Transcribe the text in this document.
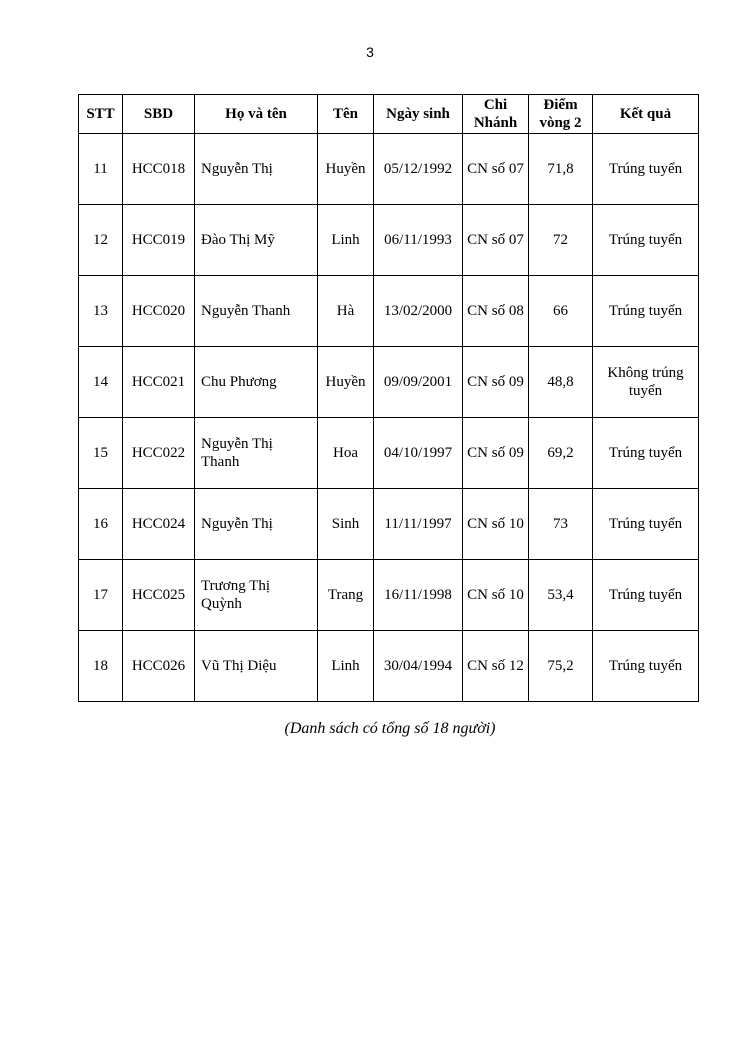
3
STT	SBD	Họ và tên	Tên	Ngày sinh	Chi Nhánh	Điểm vòng 2	Kết quả
11	HCC018	Nguyễn Thị	Huyền	05/12/1992	CN số 07	71,8	Trúng tuyển
12	HCC019	Đào Thị Mỹ	Linh	06/11/1993	CN số 07	72	Trúng tuyển
13	HCC020	Nguyễn Thanh	Hà	13/02/2000	CN số 08	66	Trúng tuyển
14	HCC021	Chu Phương	Huyền	09/09/2001	CN số 09	48,8	Không trúng tuyển
15	HCC022	Nguyễn Thị Thanh	Hoa	04/10/1997	CN số 09	69,2	Trúng tuyển
16	HCC024	Nguyễn Thị	Sinh	11/11/1997	CN số 10	73	Trúng tuyển
17	HCC025	Trương Thị Quỳnh	Trang	16/11/1998	CN số 10	53,4	Trúng tuyển
18	HCC026	Vũ Thị Diệu	Linh	30/04/1994	CN số 12	75,2	Trúng tuyển
(Danh sách có tổng số 18 người)
